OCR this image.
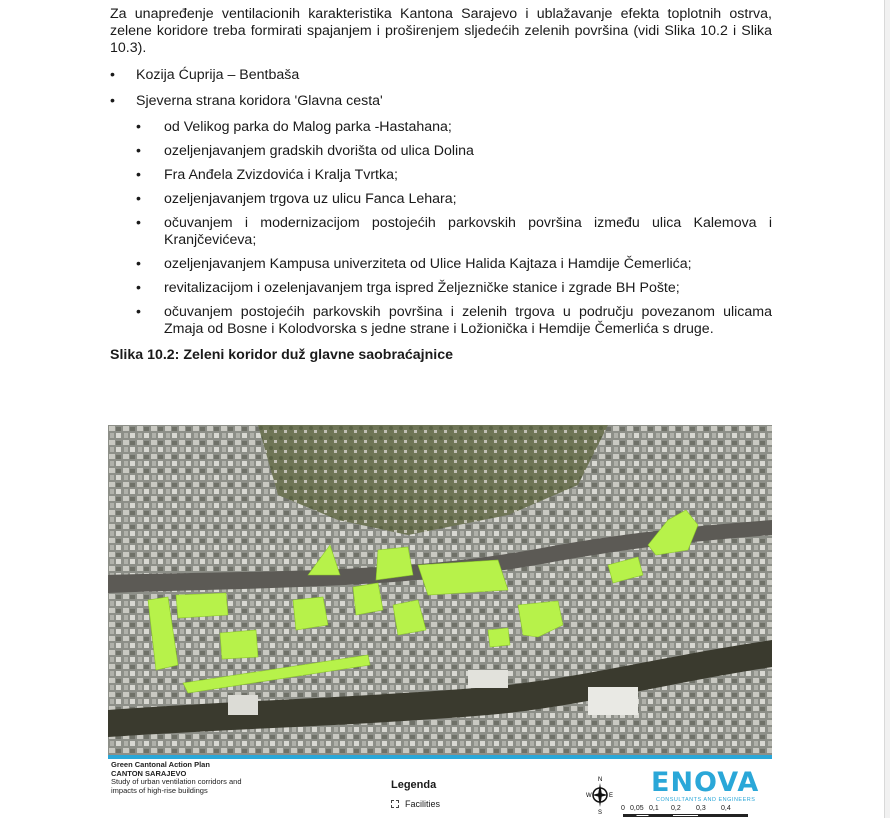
Za unapređenje ventilacionih karakteristika Kantona Sarajevo i ublažavanje efekta toplotnih ostrva, zelene koridore treba formirati spajanjem i proširenjem sljedećih zelenih površina (vidi Slika 10.2 i Slika 10.3).

• Kozija Ćuprija – Bentbaša
• Sjeverna strana koridora 'Glavna cesta'
• od Velikog parka do Malog parka -Hastahana;
• ozeljenjavanjem gradskih dvorišta od ulica Dolina
• Fra Anđela Zvizdovića i Kralja Tvrtka;
• ozeljenjavanjem trgova uz ulicu Fanca Lehara;
• očuvanjem i modernizacijom postojećih parkovskih površina između ulica Kalemova i Kranjčevićeva;
• ozeljenjavanjem Kampusa univerziteta od Ulice Halida Kajtaza i Hamdije Čemerlića;
• revitalizacijom i ozelenjavanjem trga ispred Željezničke stanice i zgrade BH Pošte;
• očuvanjem postojećih parkovskih površina i zelenih trgova u području povezanom ulicama Zmaja od Bosne i Kolodvorska s jedne strane i Ložionička i Hemdije Čemerlića s druge.

Slika 10.2: Zeleni koridor duž glavne saobraćajnice

Green Cantonal Action Plan
CANTON SARAJEVO
Study of urban ventilation corridors and
impacts of high-rise buildings	Legenda
Facilities
N
W	E
S
ENOVA
CONSULTANTS AND ENGINEERS
0 0,05 0,1 0,2 0,3 0,4
